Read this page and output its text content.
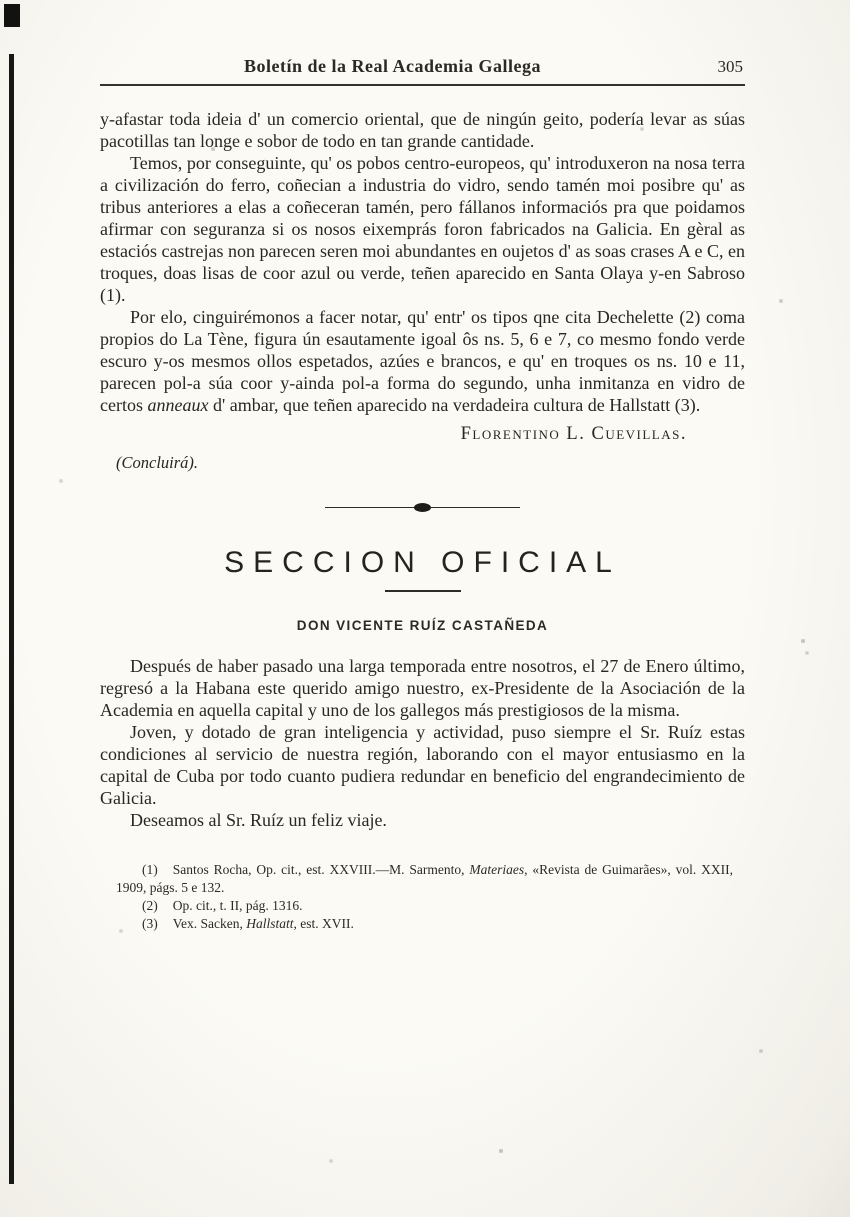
Boletín de la Real Academia Gallega	305

y-afastar toda ideia d' un comercio oriental, que de ningún geito, podería levar as súas pacotillas tan longe e sobor de todo en tan grande cantidade.

Temos, por conseguinte, qu' os pobos centro-europeos, qu' introduxeron na nosa terra a civilización do ferro, coñecian a industria do vidro, sendo tamén moi posibre qu' as tribus anteriores a elas a coñeceran tamén, pero fállanos informaciós pra que poidamos afirmar con seguranza si os nosos eixemprás foron fabricados na Galicia. En gèral as estaciós castrejas non parecen seren moi abundantes en oujetos d' as soas crases A e C, en troques, doas lisas de coor azul ou verde, teñen aparecido en Santa Olaya y-en Sabroso (1).

Por elo, cinguirémonos a facer notar, qu' entr' os tipos qne cita Dechelette (2) coma propios do La Tène, figura ún esautamente igoal ôs ns. 5, 6 e 7, co mesmo fondo verde escuro y-os mesmos ollos espetados, azúes e brancos, e qu' en troques os ns. 10 e 11, parecen pol-a súa coor y-ainda pol-a forma do segundo, unha inmitanza en vidro de certos anneaux d' ambar, que teñen aparecido na verdadeira cultura de Hallstatt (3).

Florentino L. Cuevillas.

(Concluirá).

SECCION OFICIAL
DON VICENTE RUÍZ CASTAÑEDA

Después de haber pasado una larga temporada entre nosotros, el 27 de Enero último, regresó a la Habana este querido amigo nuestro, ex-Presidente de la Asociación de la Academia en aquella capital y uno de los gallegos más prestigiosos de la misma.

Joven, y dotado de gran inteligencia y actividad, puso siempre el Sr. Ruíz estas condiciones al servicio de nuestra región, laborando con el mayor entusiasmo en la capital de Cuba por todo cuanto pudiera redundar en beneficio del engrandecimiento de Galicia.

Deseamos al Sr. Ruíz un feliz viaje.

(1) Santos Rocha, Op. cit., est. XXVIII.—M. Sarmento, Materiaes, «Revista de Guimarães», vol. XXII, 1909, págs. 5 e 132.

(2) Op. cit., t. II, pág. 1316.

(3) Vex. Sacken, Hallstatt, est. XVII.
